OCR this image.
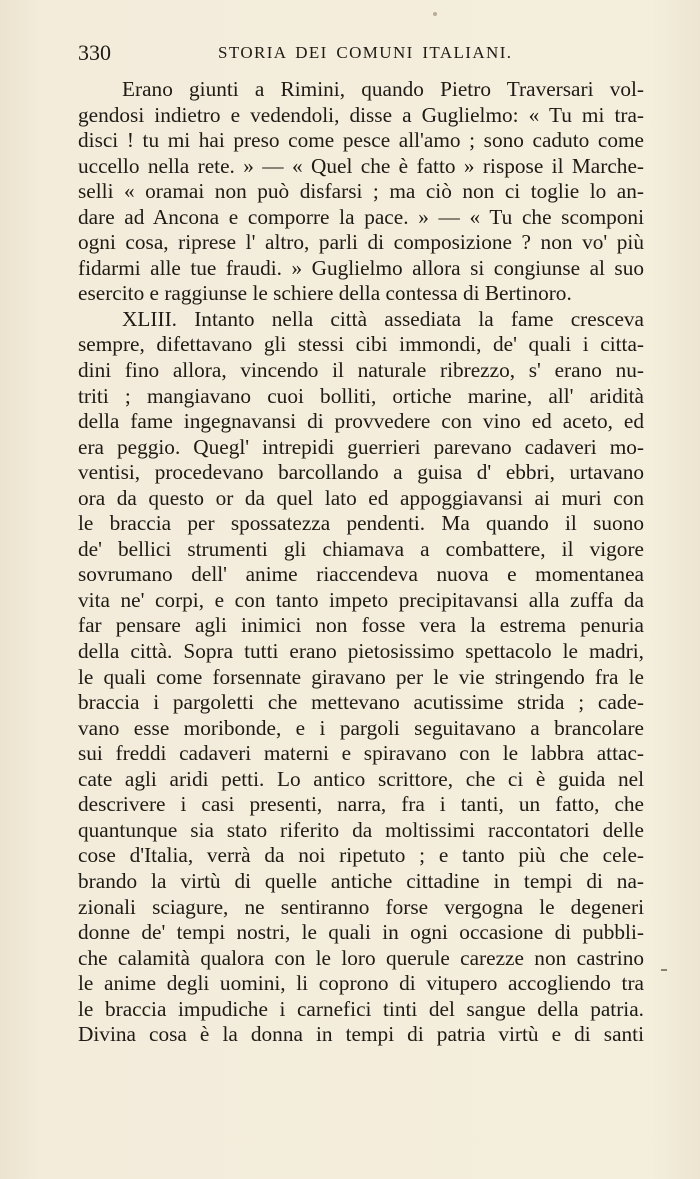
330	STORIA DEI COMUNI ITALIANI.
Erano giunti a Rimini, quando Pietro Traversari vol-
gendosi indietro e vedendoli, disse a Guglielmo: « Tu mi tra-
disci ! tu mi hai preso come pesce all'amo ; sono caduto come
uccello nella rete. » — « Quel che è fatto » rispose il Marche-
selli « oramai non può disfarsi ; ma ciò non ci toglie lo an-
dare ad Ancona e comporre la pace. » — « Tu che scomponi
ogni cosa, riprese l' altro, parli di composizione ? non vo' più
fidarmi alle tue fraudi. » Guglielmo allora si congiunse al suo
esercito e raggiunse le schiere della contessa di Bertinoro.
XLIII. Intanto nella città assediata la fame cresceva
sempre, difettavano gli stessi cibi immondi, de' quali i citta-
dini fino allora, vincendo il naturale ribrezzo, s' erano nu-
triti ; mangiavano cuoi bolliti, ortiche marine, all' aridità
della fame ingegnavansi di provvedere con vino ed aceto, ed
era peggio. Quegl' intrepidi guerrieri parevano cadaveri mo-
ventisi, procedevano barcollando a guisa d' ebbri, urtavano
ora da questo or da quel lato ed appoggiavansi ai muri con
le braccia per spossatezza pendenti. Ma quando il suono
de' bellici strumenti gli chiamava a combattere, il vigore
sovrumano dell' anime riaccendeva nuova e momentanea
vita ne' corpi, e con tanto impeto precipitavansi alla zuffa da
far pensare agli inimici non fosse vera la estrema penuria
della città. Sopra tutti erano pietosissimo spettacolo le madri,
le quali come forsennate giravano per le vie stringendo fra le
braccia i pargoletti che mettevano acutissime strida ; cade-
vano esse moribonde, e i pargoli seguitavano a brancolare
sui freddi cadaveri materni e spiravano con le labbra attac-
cate agli aridi petti. Lo antico scrittore, che ci è guida nel
descrivere i casi presenti, narra, fra i tanti, un fatto, che
quantunque sia stato riferito da moltissimi raccontatori delle
cose d'Italia, verrà da noi ripetuto ; e tanto più che cele-
brando la virtù di quelle antiche cittadine in tempi di na-
zionali sciagure, ne sentiranno forse vergogna le degeneri
donne de' tempi nostri, le quali in ogni occasione di pubbli-
che calamità qualora con le loro querule carezze non castrino
le anime degli uomini, li coprono di vitupero accogliendo tra
le braccia impudiche i carnefici tinti del sangue della patria.
Divina cosa è la donna in tempi di patria virtù e di santi
